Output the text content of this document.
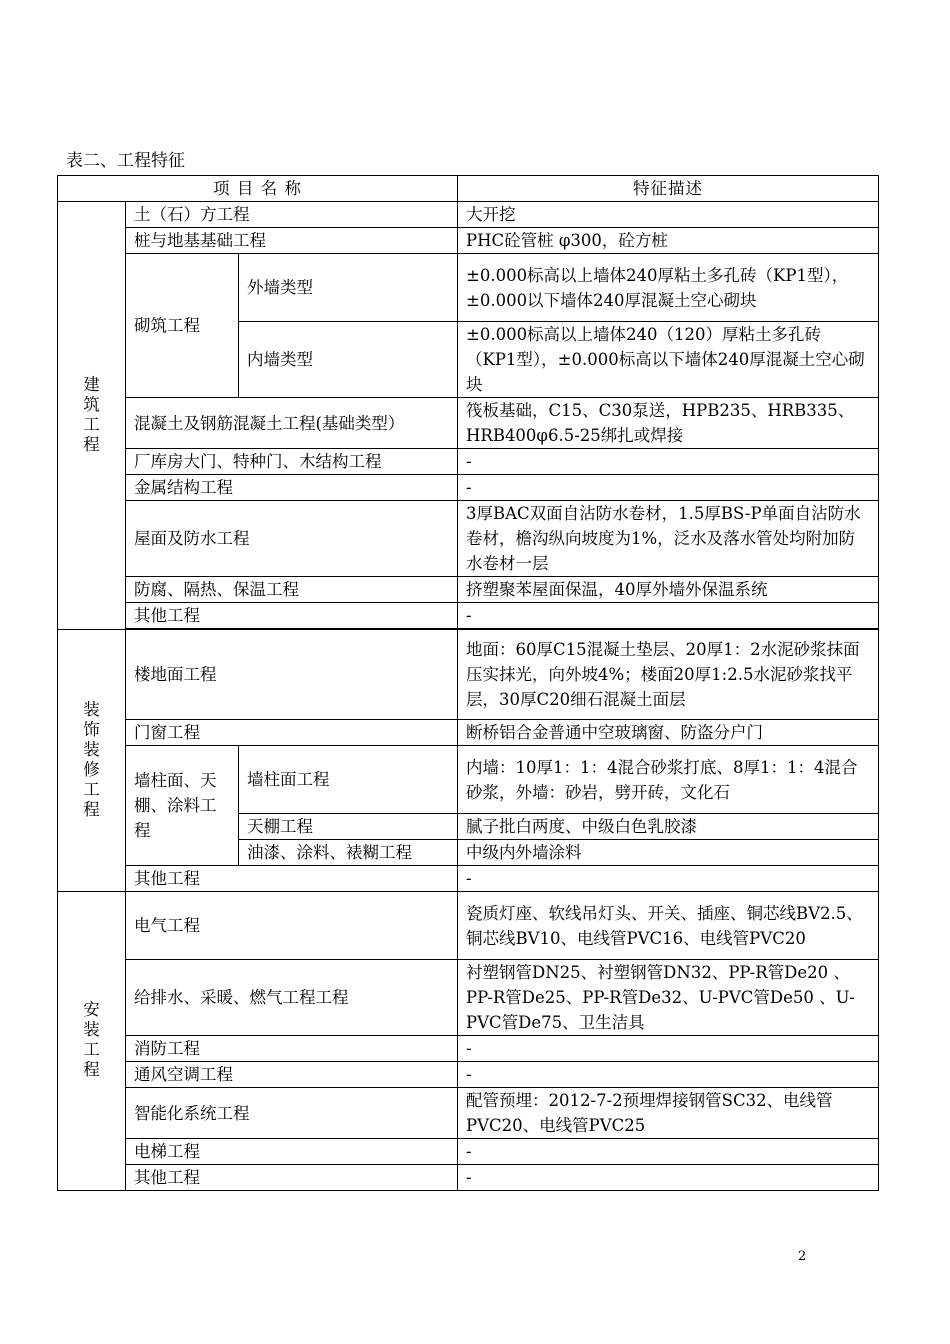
表二、工程特征
项 目 名 称			特征描述
建筑工程	土（石）方工程		大开挖
	桩与地基基础工程		PHC砼管桩 φ300，砼方桩
	砌筑工程	外墙类型	±0.000标高以上墙体240厚粘土多孔砖（KP1型），±0.000以下墙体240厚混凝土空心砌块
		内墙类型	±0.000标高以上墙体240（120）厚粘土多孔砖（KP1型），±0.000标高以下墙体240厚混凝土空心砌块
	混凝土及钢筋混凝土工程(基础类型）		筏板基础，C15、C30泵送，HPB235、HRB335、HRB400φ6.5-25绑扎或焊接
	厂库房大门、特种门、木结构工程		-
	金属结构工程		-
	屋面及防水工程		3厚BAC双面自沾防水卷材，1.5厚BS-P单面自沾防水卷材，檐沟纵向坡度为1%，泛水及落水管处均附加防水卷材一层
	防腐、隔热、保温工程		挤塑聚苯屋面保温，40厚外墙外保温系统
	其他工程		-

装饰装修工程	楼地面工程		地面：60厚C15混凝土垫层、20厚1：2水泥砂浆抹面压实抹光，向外坡4%；楼面20厚1:2.5水泥砂浆找平层，30厚C20细石混凝土面层
	门窗工程		断桥铝合金普通中空玻璃窗、防盗分户门
	墙柱面、天棚、涂料工程	墙柱面工程	内墙：10厚1：1：4混合砂浆打底、8厚1：1：4混合砂浆，外墙：砂岩，劈开砖，文化石
		天棚工程	腻子批白两度、中级白色乳胶漆
		油漆、涂料、裱糊工程	中级内外墙涂料
	其他工程		-
安装工程	电气工程		瓷质灯座、软线吊灯头、开关、插座、铜芯线BV2.5、铜芯线BV10、电线管PVC16、电线管PVC20
	给排水、采暖、燃气工程工程		衬塑钢管DN25、衬塑钢管DN32、PP-R管De20 、PP-R管De25、PP-R管De32、U-PVC管De50 、U-PVC管De75、卫生洁具
	消防工程		-
	通风空调工程		-
	智能化系统工程		配管预埋：2012-7-2预埋焊接钢管SC32、电线管PVC20、电线管PVC25
	电梯工程		-
	其他工程		-
2
